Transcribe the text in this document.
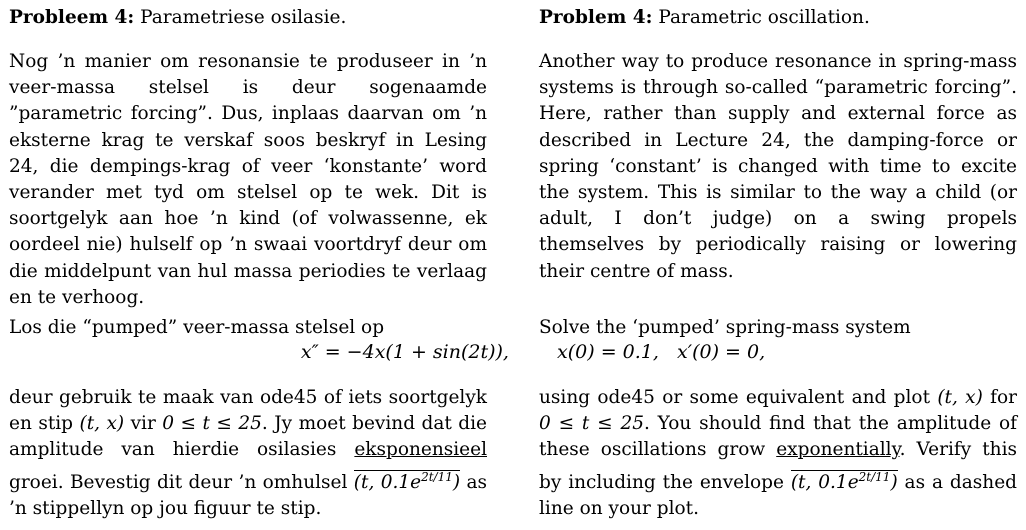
Probleem 4: Parametriese osilasie.

Nog ’n manier om resonansie te produseer in ’n veer-massa stelsel is deur sogenaamde ”parametric forcing”. Dus, inplaas daarvan om ’n eksterne krag te verskaf soos beskryf in Lesing 24, die dempings-krag of veer ‘konstante’ word verander met tyd om stelsel op te wek. Dit is soortgelyk aan hoe ’n kind (of volwassenne, ek oordeel nie) hulself op ’n swaai voortdryf deur om die middelpunt van hul massa periodies te verlaag en te verhoog.

Los die “pumped” veer-massa stelsel op

Problem 4: Parametric oscillation.

Another way to produce resonance in spring-mass systems is through so-called “parametric forcing”. Here, rather than supply and external force as described in Lecture 24, the damping-force or spring ‘constant’ is changed with time to excite the system. This is similar to the way a child (or adult, I don’t judge) on a swing propels themselves by periodically raising or lowering their centre of mass.

Solve the ‘pumped’ spring-mass system

x″ = −4x(1 + sin(2t)),	x(0) = 0.1,   x′(0) = 0,

deur gebruik te maak van ode45 of iets soortgelyk en stip (t, x) vir 0 ≤ t ≤ 25. Jy moet bevind dat die amplitude van hierdie osilasies eksponensieel groei. Bevestig dit deur ’n omhulsel (t, $0.1e^{2t/11}$) as ’n stippellyn op jou figuur te stip.

using ode45 or some equivalent and plot (t, x) for 0 ≤ t ≤ 25. You should find that the amplitude of these oscillations grow exponentially. Verify this by including the envelope (t, $0.1e^{2t/11}$) as a dashed line on your plot.
